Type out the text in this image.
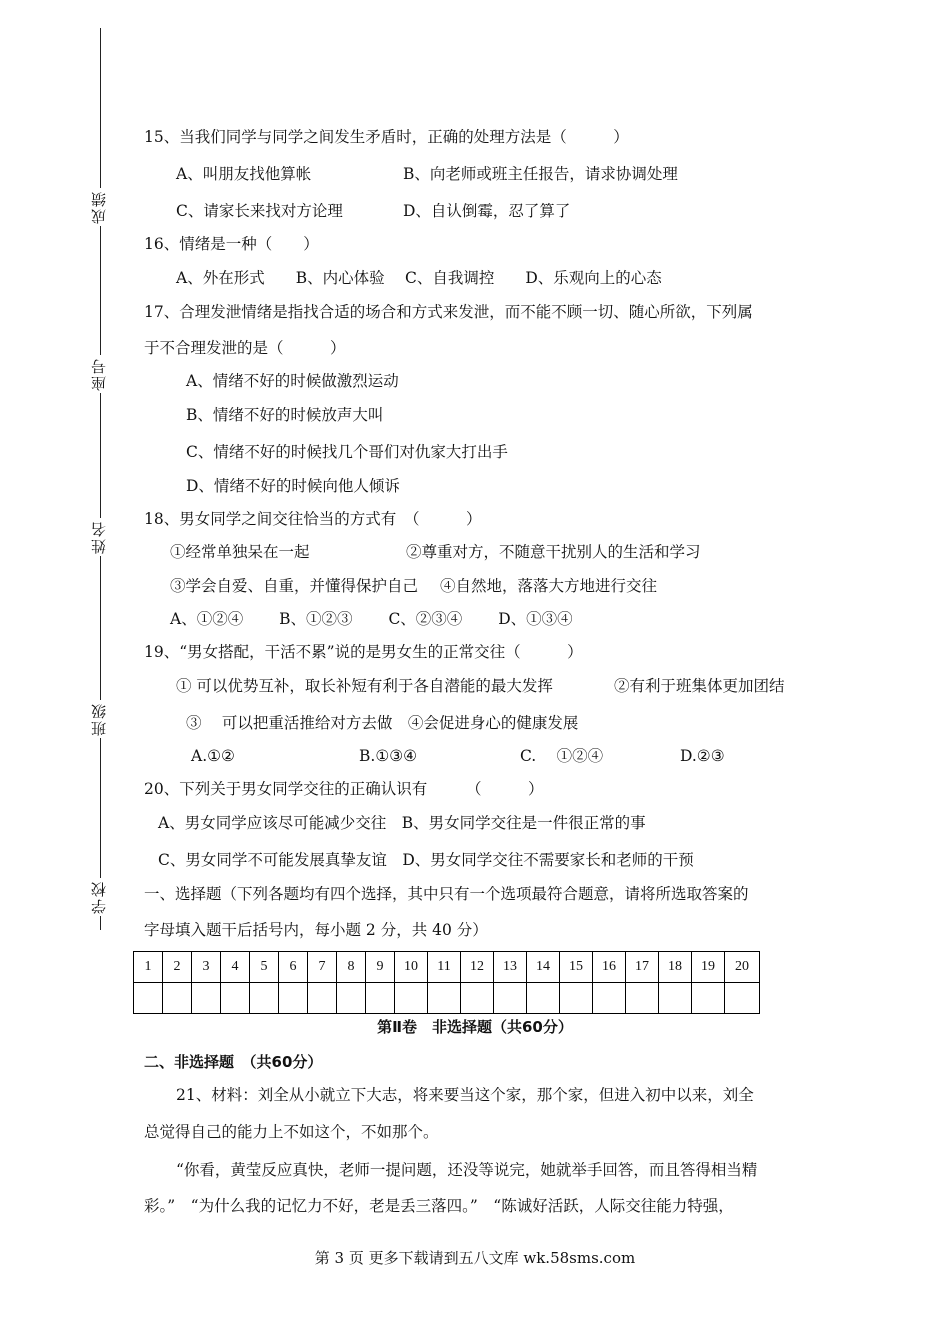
成绩
座号
姓名
班级
学校
15、当我们同学与同学之间发生矛盾时，正确的处理方法是（　　　）
A、叫朋友找他算帐	B、向老师或班主任报告，请求协调处理
C、请家长来找对方论理	D、自认倒霉，忍了算了
16、情绪是一种（　　）
A、外在形式　　B、内心体验　 C、自我调控　　D、乐观向上的心态
17、合理发泄情绪是指找合适的场合和方式来发泄，而不能不顾一切、随心所欲，下列属
于不合理发泄的是（　　　）
A、情绪不好的时候做激烈运动
B、情绪不好的时候放声大叫
C、情绪不好的时候找几个哥们对仇家大打出手
D、情绪不好的时候向他人倾诉
18、男女同学之间交往恰当的方式有　（　　　）
①经常单独呆在一起	②尊重对方，不随意干扰别人的生活和学习
③学会自爱、自重，并懂得保护自己 ④自然地，落落大方地进行交往
A、①②④　　 B、①②③　　 C、②③④　　 D、①③④
19、“男女搭配，干活不累”说的是男女生的正常交往（　　　）
① 可以优势互补，取长补短有利于各自潜能的最大发挥	②有利于班集体更加团结
③　 可以把重活推给对方去做　④会促进身心的健康发展
A.①②	B.①③④	C.　 ①②④	D.②③
20、下列关于男女同学交往的正确认识有　　　（　　　）
A、男女同学应该尽可能减少交往　B、男女同学交往是一件很正常的事
C、男女同学不可能发展真挚友谊　D、男女同学交往不需要家长和老师的干预
一、选择题（下列各题均有四个选择，其中只有一个选项最符合题意，请将所选取答案的
字母填入题干后括号内，每小题 2 分，共 40 分）
1	2	3	4	5	6	7	8	9	10	11	12	13	14	15	16	17	18	19	20

第Ⅱ卷　非选择题（共60分）
二、非选择题　（共60分）
21、材料：刘全从小就立下大志，将来要当这个家，那个家，但进入初中以来，刘全
总觉得自己的能力上不如这个，不如那个。
“你看，黄莹反应真快，老师一提问题，还没等说完，她就举手回答，而且答得相当精
彩。”　“为什么我的记忆力不好，老是丢三落四。”　“陈诚好活跃，人际交往能力特强，
第 3 页 更多下载请到五八文库 wk.58sms.com
